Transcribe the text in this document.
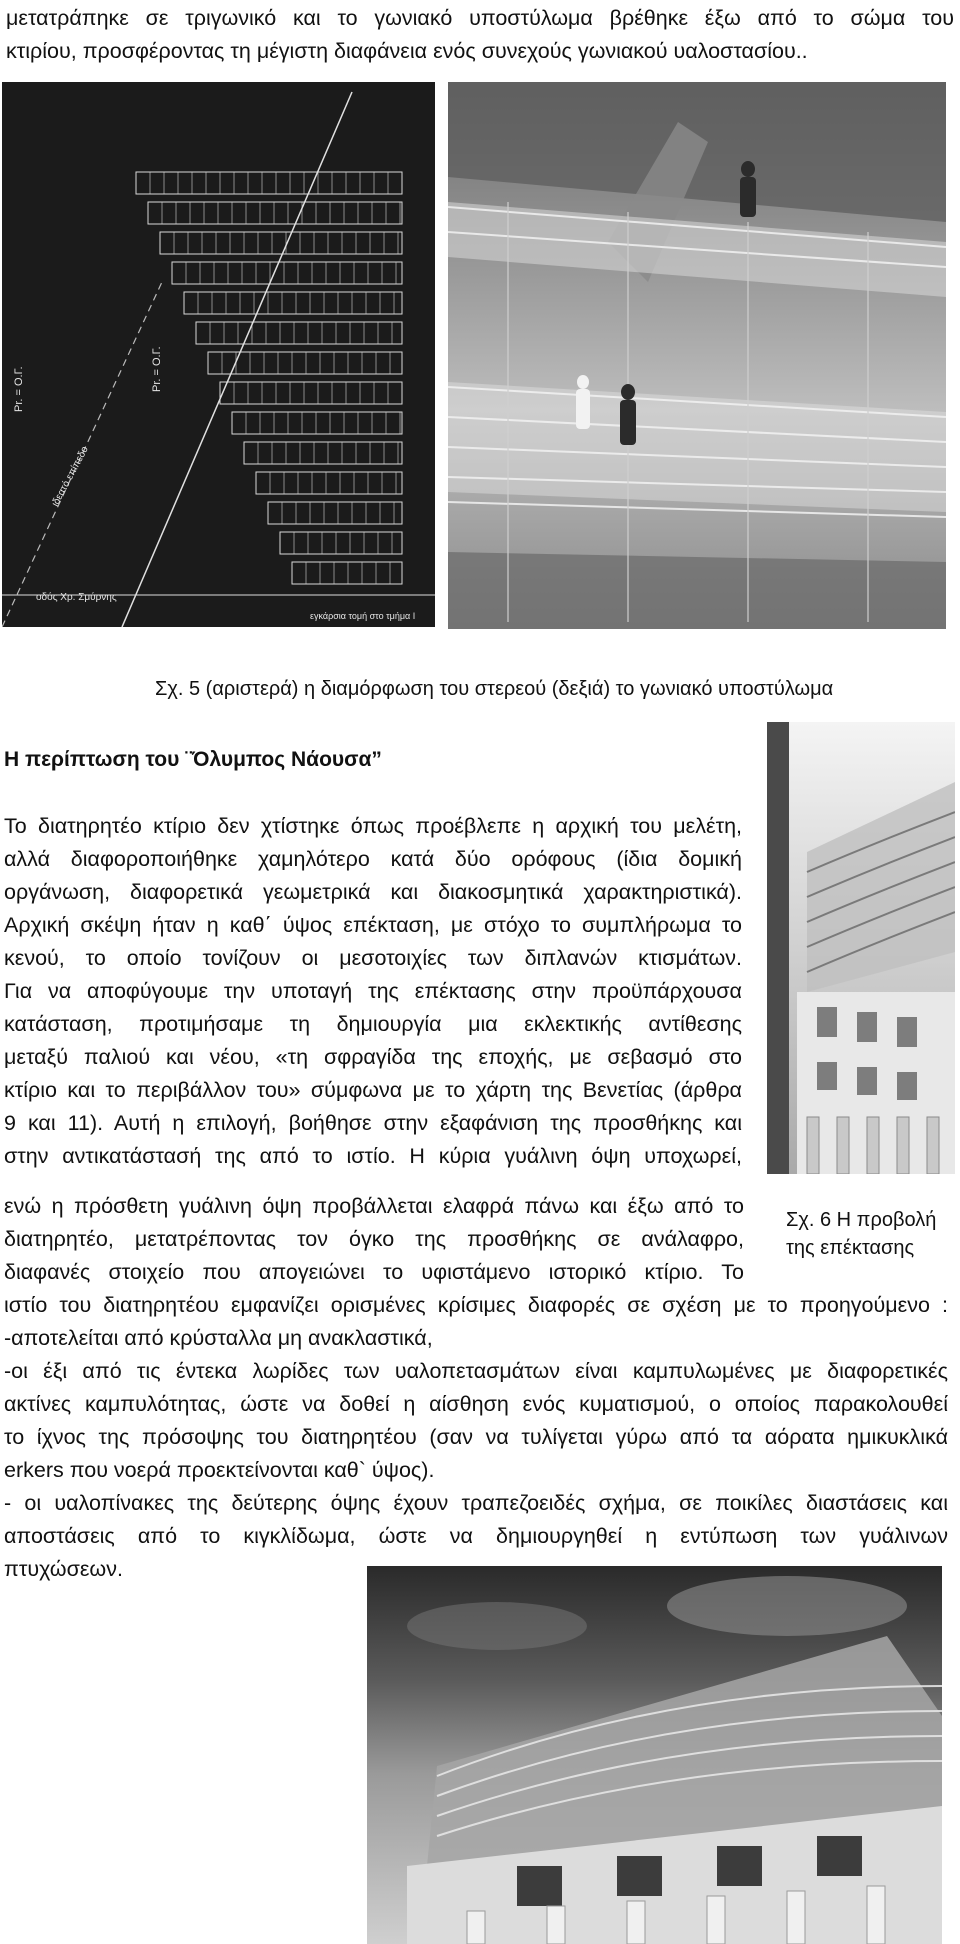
μετατράπηκε σε τριγωνικό και το γωνιακό υποστύλωμα βρέθηκε έξω από το σώμα του
κτιρίου, προσφέροντας τη μέγιστη διαφάνεια ενός συνεχούς γωνιακού υαλοστασίου..

Pr. = Ο.Γ.	Pr. = Ο.Γ.
ιδεατό επίπεδο
οδός Χρ. Σμύρνης
εγκάρσια τομή στο τμήμα Ι
Σχ. 5 (αριστερά) η διαμόρφωση του στερεού (δεξιά) το γωνιακό υποστύλωμα
Η περίπτωση του ¨Όλυμπος Νάουσα”

Το διατηρητέο κτίριο δεν χτίστηκε όπως προέβλεπε η αρχική του μελέτη,
αλλά διαφοροποιήθηκε χαμηλότερο κατά δύο ορόφους (ίδια δομική
οργάνωση, διαφορετικά γεωμετρικά και διακοσμητικά χαρακτηριστικά).
Αρχική σκέψη ήταν η καθ΄ ύψος επέκταση, με στόχο το συμπλήρωμα το
κενού, το οποίο τονίζουν οι μεσοτοιχίες των διπλανών κτισμάτων.
Για να αποφύγουμε την υποταγή της επέκτασης στην προϋπάρχουσα
κατάσταση, προτιμήσαμε τη δημιουργία μια εκλεκτικής αντίθεσης
μεταξύ παλιού και νέου, «τη σφραγίδα της εποχής, με σεβασμό στο
κτίριο και το περιβάλλον του» σύμφωνα με το χάρτη της Βενετίας (άρθρα
9 και 11). Αυτή η επιλογή, βοήθησε στην εξαφάνιση της προσθήκης και
στην αντικατάστασή της από το ιστίο. Η κύρια γυάλινη όψη υποχωρεί,

ενώ η πρόσθετη γυάλινη όψη προβάλλεται ελαφρά πάνω και έξω από το
διατηρητέο, μετατρέποντας τον όγκο της προσθήκης σε ανάλαφρο,
διαφανές στοιχείο που απογειώνει το υφιστάμενο ιστορικό κτίριο. Το

Σχ. 6 Η προβολή
της επέκτασης

ιστίο του διατηρητέου εμφανίζει ορισμένες κρίσιμες διαφορές σε σχέση με το προηγούμενο :
-αποτελείται από κρύσταλλα μη ανακλαστικά,
-οι έξι από τις έντεκα λωρίδες των υαλοπετασμάτων είναι καμπυλωμένες με διαφορετικές
ακτίνες καμπυλότητας, ώστε να δοθεί η αίσθηση ενός κυματισμού, ο οποίος παρακολουθεί
το ίχνος της πρόσοψης του διατηρητέου (σαν να τυλίγεται γύρω από τα αόρατα ημικυκλικά
erkers που νοερά προεκτείνονται καθ` ύψος).
- οι υαλοπίνακες της δεύτερης όψης έχουν τραπεζοειδές σχήμα, σε ποικίλες διαστάσεις και
αποστάσεις από το κιγκλίδωμα, ώστε να δημιουργηθεί η εντύπωση των γυάλινων
πτυχώσεων.
